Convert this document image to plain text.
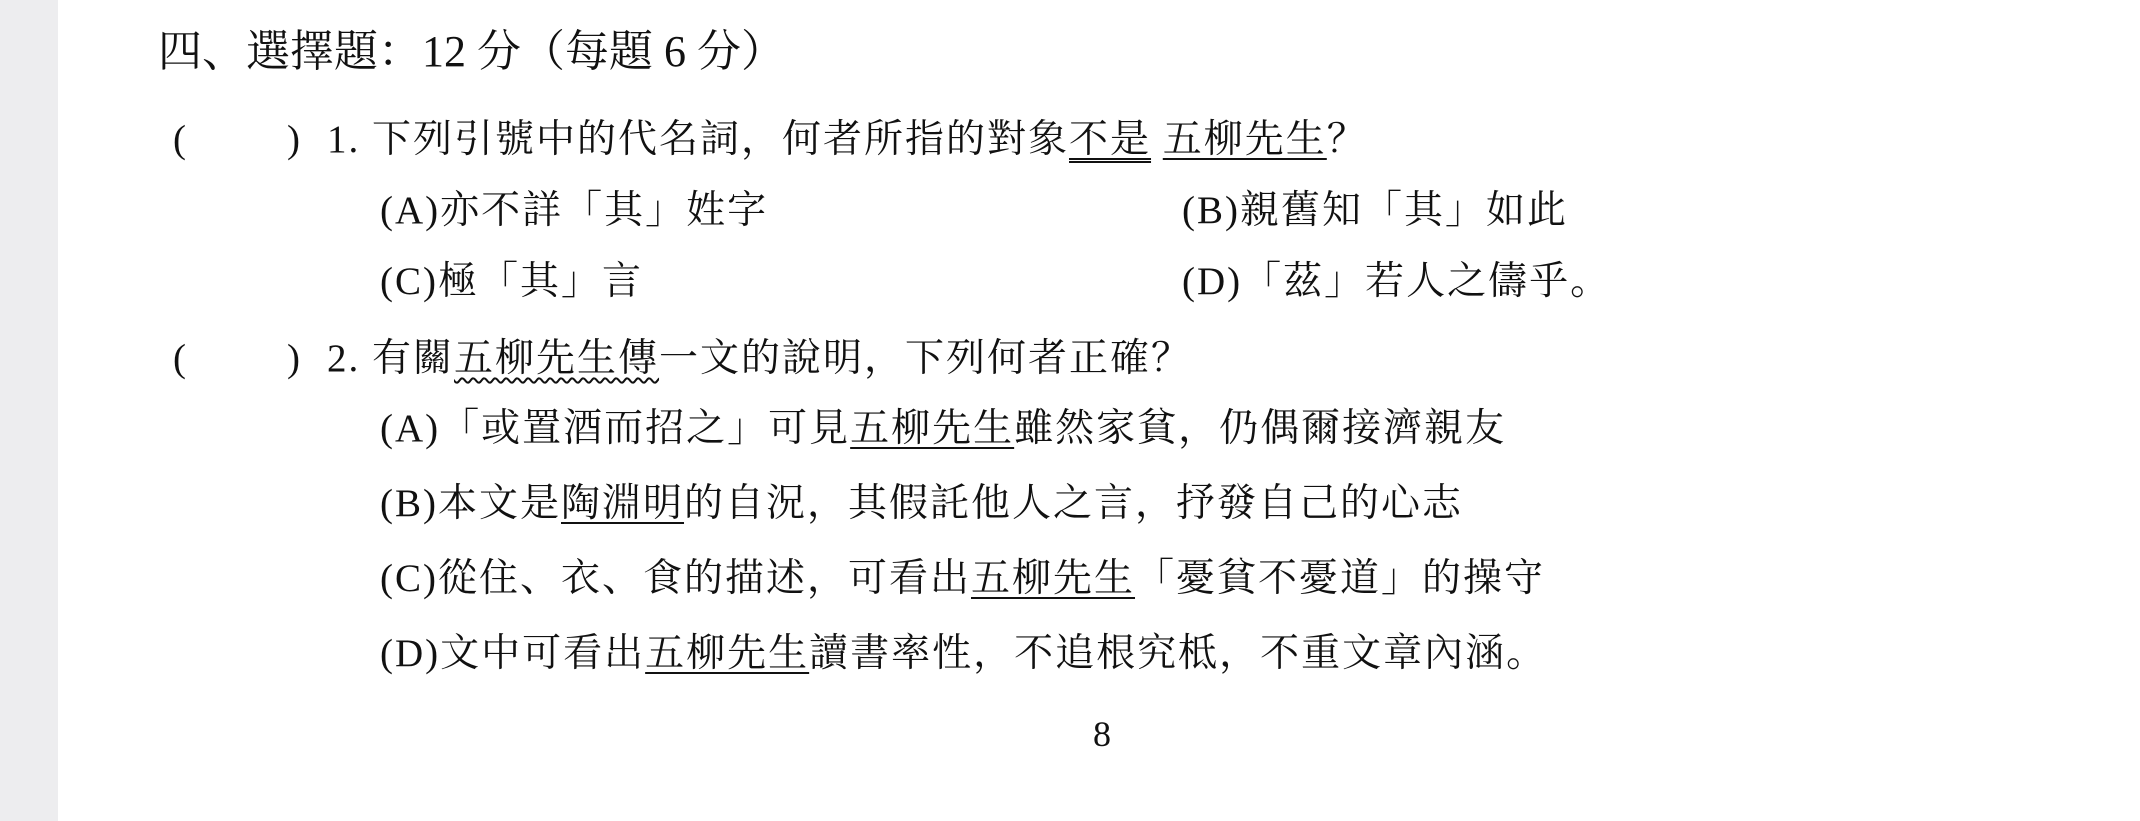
四、選擇題：12 分（每題 6 分）
(	) 1. 下列引號中的代名詞，何者所指的對象不是 五柳先生？
(A)亦不詳「其」姓字	(B)親舊知「其」如此
(C)極「其」言	(D)「茲」若人之儔乎。
(	) 2. 有關五柳先生傳一文的說明，下列何者正確？
(A)「或置酒而招之」可見五柳先生雖然家貧，仍偶爾接濟親友
(B)本文是陶淵明的自況，其假託他人之言，抒發自己的心志
(C)從住、衣、食的描述，可看出五柳先生「憂貧不憂道」的操守
(D)文中可看出五柳先生讀書率性，不追根究柢，不重文章內涵。
8
